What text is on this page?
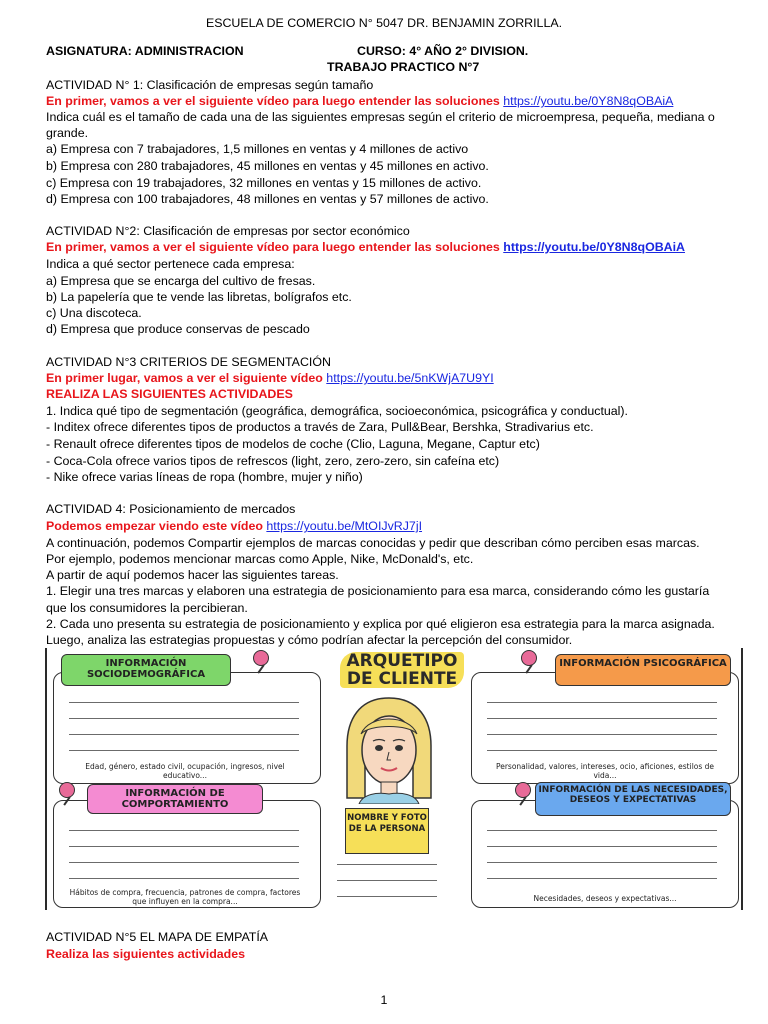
ESCUELA DE COMERCIO N° 5047 DR. BENJAMIN ZORRILLA.
ASIGNATURA: ADMINISTRACION	CURSO: 4° AÑO 2° DIVISION.
TRABAJO PRACTICO N°7
ACTIVIDAD N° 1: Clasificación de empresas según tamaño
En primer, vamos a ver el siguiente vídeo para luego entender las soluciones https://youtu.be/0Y8N8qOBAiA
Indica cuál es el tamaño de cada una de las siguientes empresas según el criterio de microempresa, pequeña, mediana o
grande.
a) Empresa con 7 trabajadores, 1,5 millones en ventas y 4 millones de activo
b) Empresa con 280 trabajadores, 45 millones en ventas y 45 millones en activo.
c) Empresa con 19 trabajadores, 32 millones en ventas y 15 millones de activo.
d) Empresa con 100 trabajadores, 48 millones en ventas y 57 millones de activo.
ACTIVIDAD N°2: Clasificación de empresas por sector económico
En primer, vamos a ver el siguiente vídeo para luego entender las soluciones https://youtu.be/0Y8N8qOBAiA
Indica a qué sector pertenece cada empresa:
a) Empresa que se encarga del cultivo de fresas.
b) La papelería que te vende las libretas, bolígrafos etc.
c) Una discoteca.
d) Empresa que produce conservas de pescado
ACTIVIDAD N°3 CRITERIOS DE SEGMENTACIÓN
En primer lugar, vamos a ver el siguiente vídeo https://youtu.be/5nKWjA7U9YI
REALIZA LAS SIGUIENTES ACTIVIDADES
1. Indica qué tipo de segmentación (geográfica, demográfica, socioeconómica, psicográfica y conductual).
- Inditex ofrece diferentes tipos de productos a través de Zara, Pull&Bear, Bershka, Stradivarius etc.
- Renault ofrece diferentes tipos de modelos de coche (Clio, Laguna, Megane, Captur etc)
- Coca-Cola ofrece varios tipos de refrescos (light, zero, zero-zero, sin cafeína etc)
- Nike ofrece varias líneas de ropa (hombre, mujer y niño)
ACTIVIDAD 4: Posicionamiento de mercados
Podemos empezar viendo este vídeo https://youtu.be/MtOIJvRJ7jI
A continuación, podemos Compartir ejemplos de marcas conocidas y pedir que describan cómo perciben esas marcas.
Por ejemplo, podemos mencionar marcas como Apple, Nike, McDonald's, etc.
A partir de aquí podemos hacer las siguientes tareas.
1. Elegir una tres marcas y elaboren una estrategia de posicionamiento para esa marca, considerando cómo les gustaría
que los consumidores la percibieran.
2. Cada uno presenta su estrategia de posicionamiento y explica por qué eligieron esa estrategia para la marca asignada.
Luego, analiza las estrategias propuestas y cómo podrían afectar la percepción del consumidor.
INFORMACIÓN SOCIODEMOGRÁFICA
Edad, género, estado civil, ocupación, ingresos, nivel educativo...
INFORMACIÓN PSICOGRÁFICA
Personalidad, valores, intereses, ocio, aficiones, estilos de vida...
INFORMACIÓN DE COMPORTAMIENTO
Hábitos de compra, frecuencia, patrones de compra, factores que influyen en la compra...
INFORMACIÓN DE LAS NECESIDADES, DESEOS Y EXPECTATIVAS
Necesidades, deseos y expectativas...
ARQUETIPO
DE CLIENTE
NOMBRE Y FOTO DE LA PERSONA
ACTIVIDAD N°5 EL MAPA DE EMPATÍA
Realiza las siguientes actividades
1
